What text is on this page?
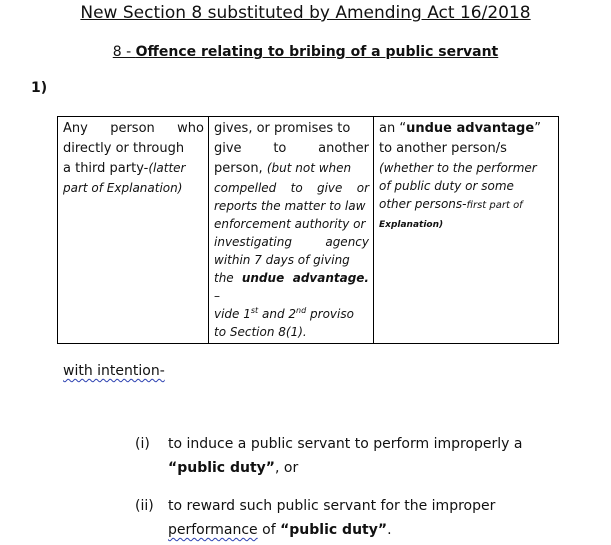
New Section 8 substituted by Amending Act 16/2018
8 - Offence relating to bribing of a public servant
1)
Any person who
directly or through
a third party-(latter
part of Explanation)

gives, or promises to
give to another
person, (but not when
compelled to give or
reports the matter to law
enforcement authority or
investigating agency
within 7 days of giving
the undue advantage. –
vide 1st and 2nd proviso
to Section 8(1).

an “undue advantage”
to another person/s
(whether to the performer
of public duty or some
other persons-first part of
Explanation)
with intention-
(i) to induce a public servant to perform improperly a
“public duty”, or
(ii) to reward such public servant for the improper
performance of “public duty”.
